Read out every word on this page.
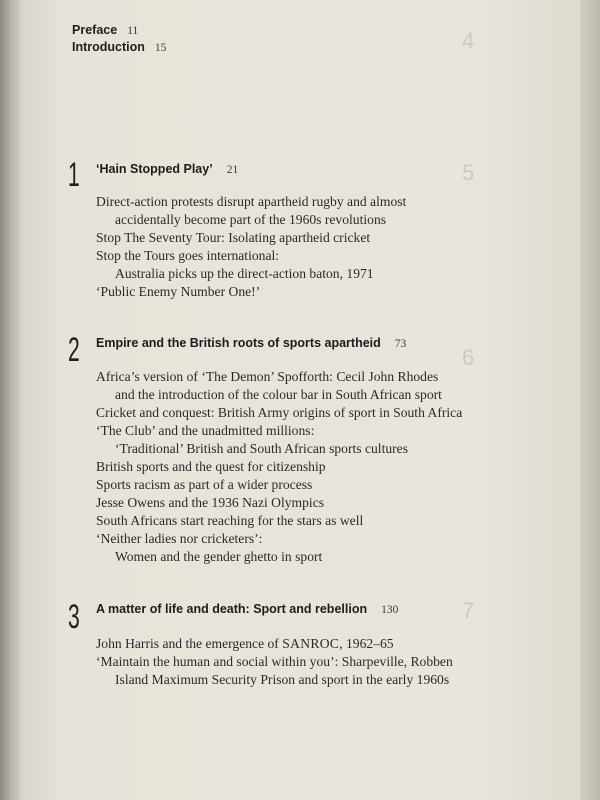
4
5
6
7
Preface 11
Introduction 15
1 ‘Hain Stopped Play’ 21
Direct-action protests disrupt apartheid rugby and almost
accidentally become part of the 1960s revolutions
Stop The Seventy Tour: Isolating apartheid cricket
Stop the Tours goes international:
Australia picks up the direct-action baton, 1971
‘Public Enemy Number One!’
2 Empire and the British roots of sports apartheid 73
Africa’s version of ‘The Demon’ Spofforth: Cecil John Rhodes
and the introduction of the colour bar in South African sport
Cricket and conquest: British Army origins of sport in South Africa
‘The Club’ and the unadmitted millions:
‘Traditional’ British and South African sports cultures
British sports and the quest for citizenship
Sports racism as part of a wider process
Jesse Owens and the 1936 Nazi Olympics
South Africans start reaching for the stars as well
‘Neither ladies nor cricketers’:
Women and the gender ghetto in sport
3 A matter of life and death: Sport and rebellion 130
John Harris and the emergence of SANROC, 1962–65
‘Maintain the human and social within you’: Sharpeville, Robben
Island Maximum Security Prison and sport in the early 1960s
